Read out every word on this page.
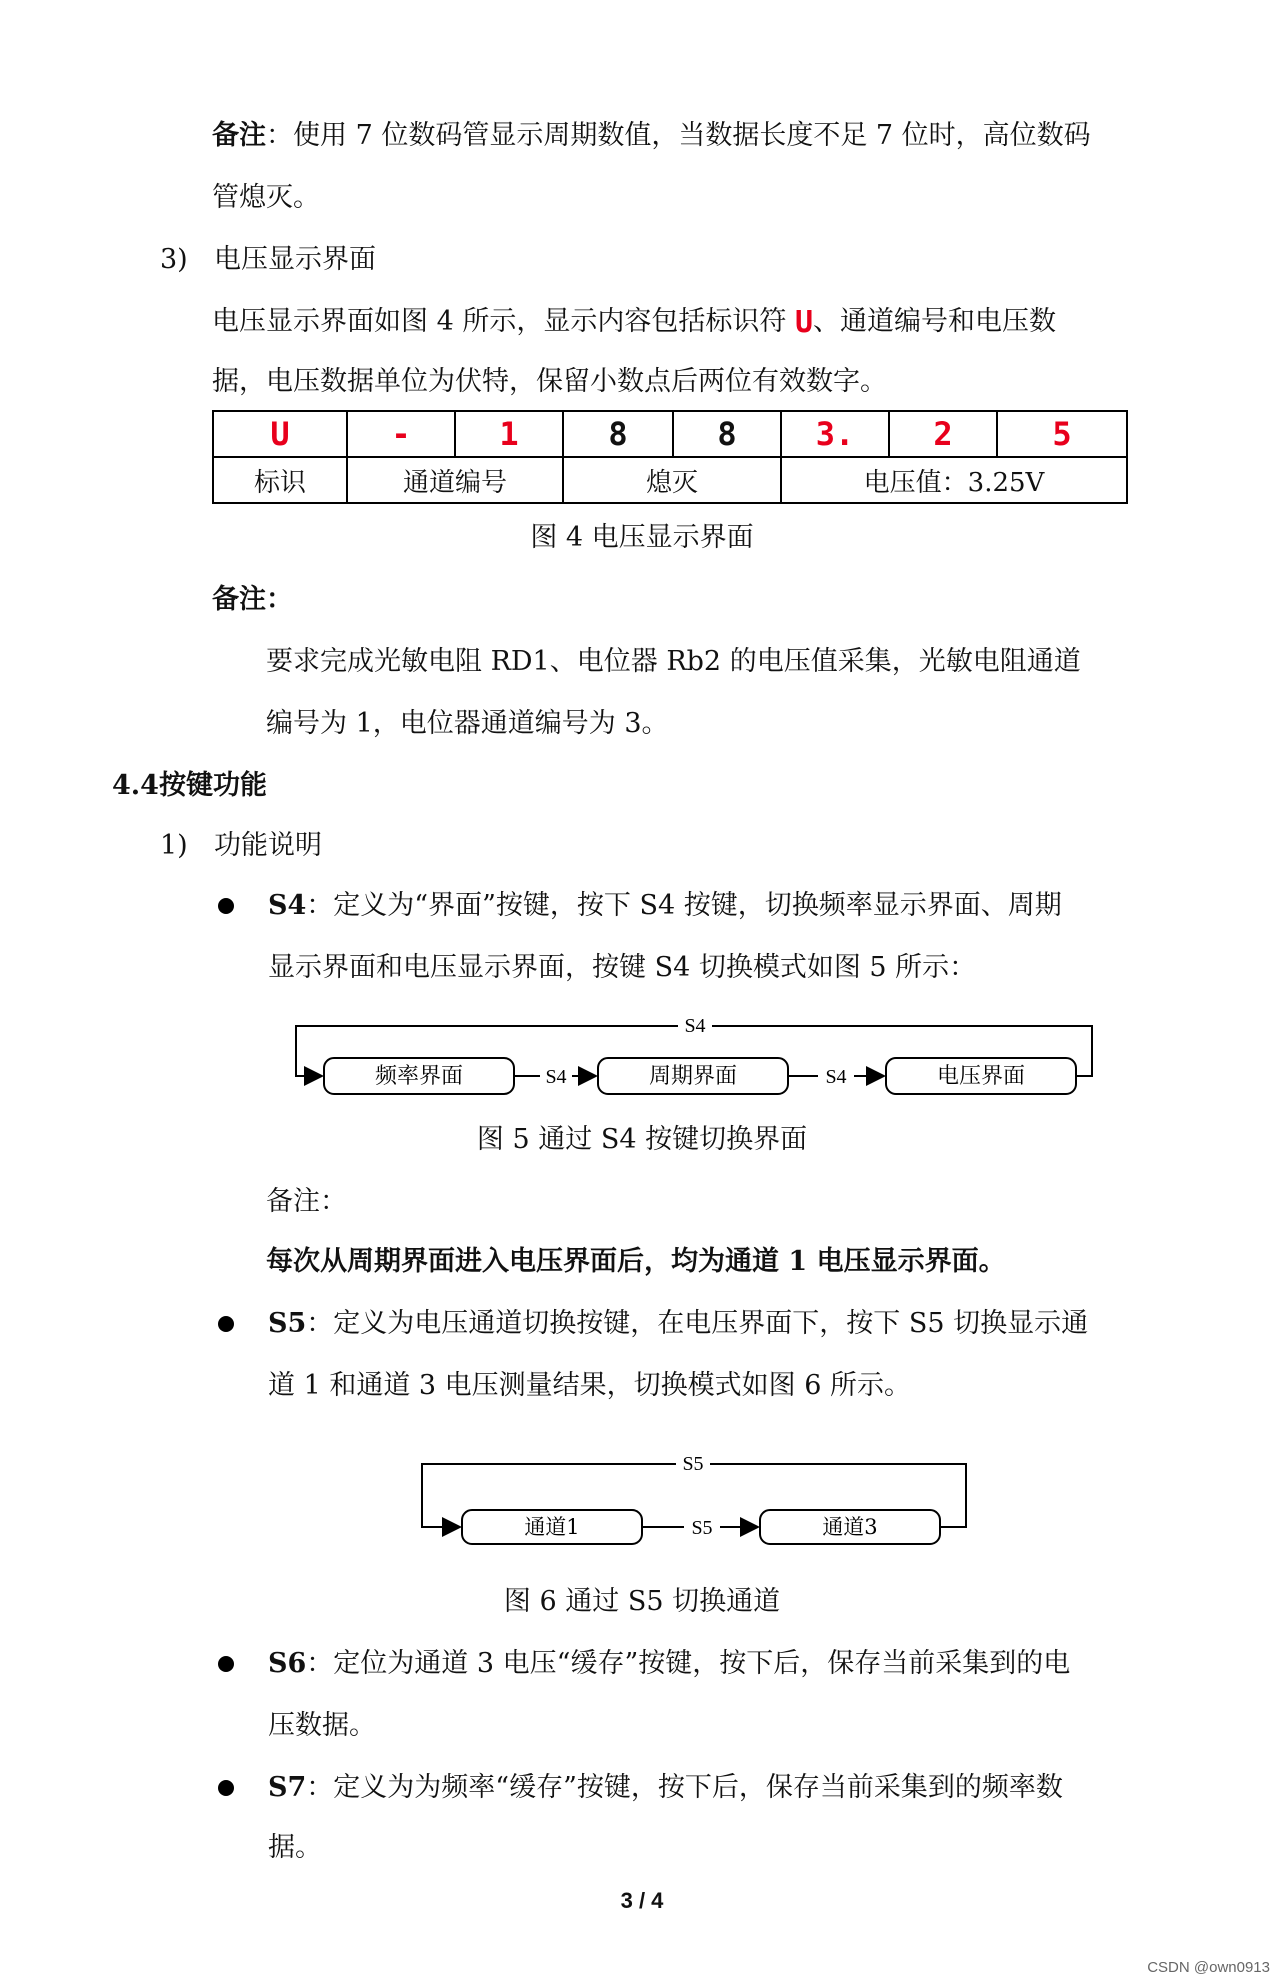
备注：使用 7 位数码管显示周期数值，当数据长度不足 7 位时，高位数码
管熄灭。
3) 电压显示界面
电压显示界面如图 4 所示，显示内容包括标识符 U、通道编号和电压数
据，电压数据单位为伏特，保留小数点后两位有效数字。
U	-	1	8	8	3.	2	5
标识	通道编号		熄灭		电压值：3.25V		
图 4 电压显示界面
备注：
要求完成光敏电阻 RD1、电位器 Rb2 的电压值采集，光敏电阻通道
编号为 1，电位器通道编号为 3。
4.4按键功能
1) 功能说明
S4：定义为“界面”按键，按下 S4 按键，切换频率显示界面、周期
显示界面和电压显示界面，按键 S4 切换模式如图 5 所示：
频率界面	周期界面	电压界面
S4	S4
S4
图 5 通过 S4 按键切换界面
备注：
每次从周期界面进入电压界面后，均为通道 1 电压显示界面。
S5：定义为电压通道切换按键，在电压界面下，按下 S5 切换显示通
道 1 和通道 3 电压测量结果，切换模式如图 6 所示。
通道1	通道3
S5
S5
图 6 通过 S5 切换通道
S6：定位为通道 3 电压“缓存”按键，按下后，保存当前采集到的电
压数据。
S7：定义为为频率“缓存”按键，按下后，保存当前采集到的频率数
据。
3 / 4
CSDN @own0913
